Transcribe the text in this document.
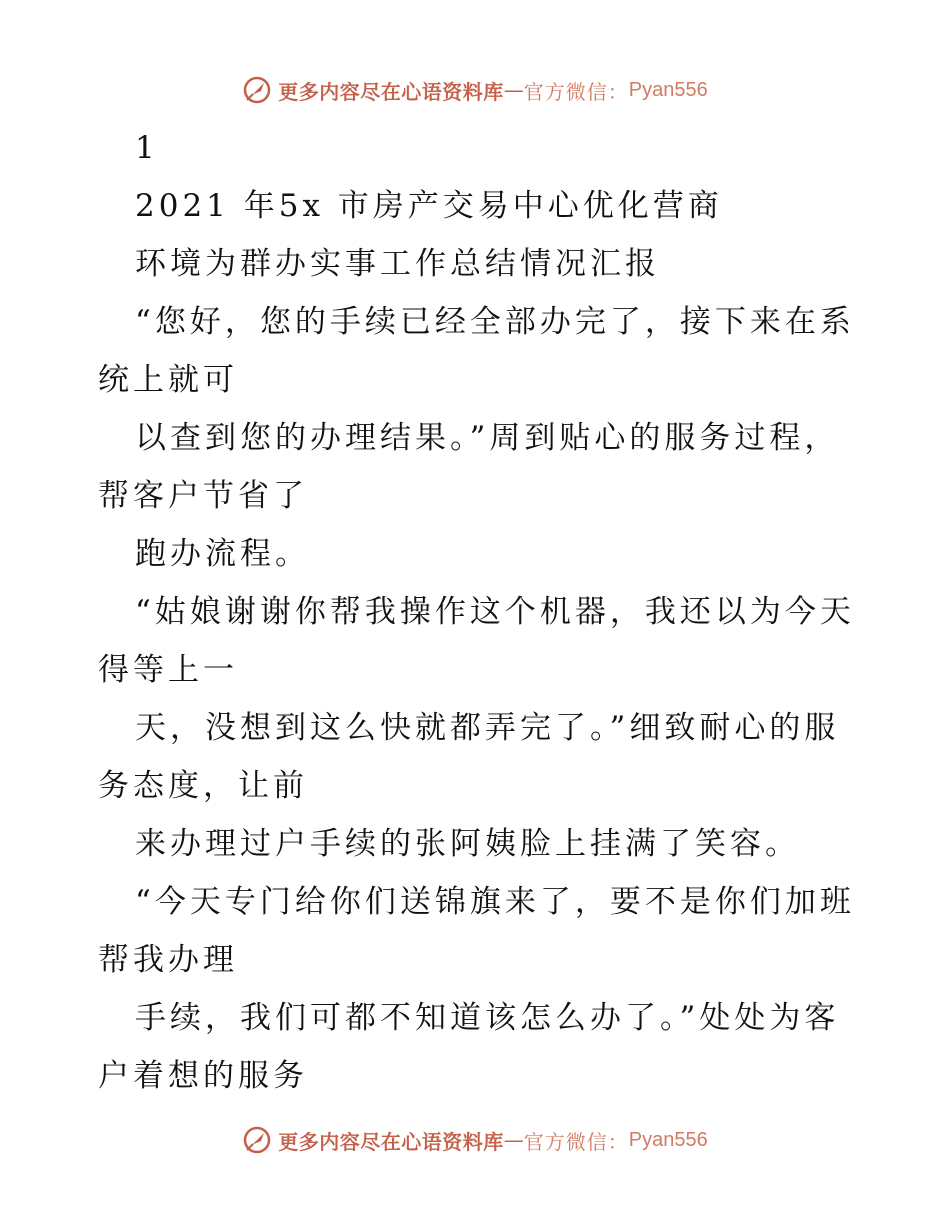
更多内容尽在心语资料库 — 官方微信： Pyan556
1
2021 年5x 市房产交易中心优化营商
环境为群办实事工作总结情况汇报
“您好，您的手续已经全部办完了，接下来在系
统上就可
以查到您的办理结果。”周到贴心的服务过程，
帮客户节省了
跑办流程。
“姑娘谢谢你帮我操作这个机器，我还以为今天
得等上一
天，没想到这么快就都弄完了。”细致耐心的服
务态度，让前
来办理过户手续的张阿姨脸上挂满了笑容。
“今天专门给你们送锦旗来了，要不是你们加班
帮我办理
手续，我们可都不知道该怎么办了。”处处为客
户着想的服务
更多内容尽在心语资料库 — 官方微信： Pyan556
